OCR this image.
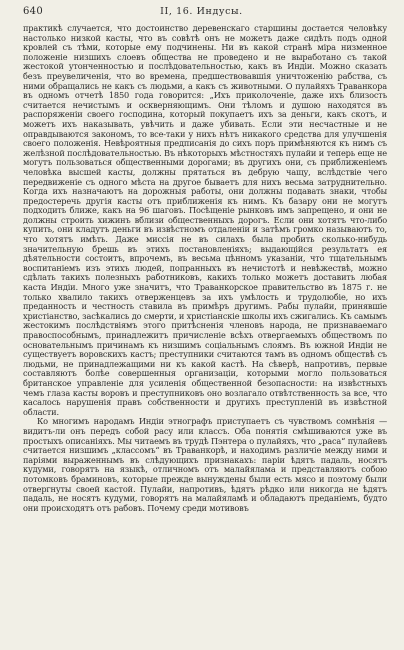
640	II, 16. Индусы.

практикѣ случается, что достоинство деревенскаго старшины достается человѣку настолько низкой касты, что въ совѣтѣ онъ не можетъ даже сидѣть подъ одной кровлей съ тѣми, которые ему подчинены. Ни въ какой странѣ міра низменное положеніе низшихъ слоевъ общества не проведено и не выработано съ такой жестокой утонченностью и послѣдовательностью, какъ въ Индіи. Можно сказать безъ преувеличенія, что во времена, предшествовавшія уничтоженію рабства, съ ними обращались не какъ съ людьми, а какъ съ животными. О пулайяхъ Траванкора въ одномъ отчетѣ 1850 года говорится: „Ихъ приколоченіе, даже ихъ близость считается нечистымъ и оскверняющимъ. Они тѣломъ и душою находятся въ распоряженіи своего господина, который покупаетъ ихъ за деньги, какъ скотъ, и можетъ ихъ наказывать, увѣчить и даже убивать. Если эти несчастные и не оправдываются закономъ, то все-таки у нихъ нѣтъ никакого средства для улучшенія своего положенія. Невѣроятныя предписанія до сихъ поръ примѣняются къ нимъ съ желѣзной послѣдовательностью. Въ нѣкоторыхъ мѣстностяхъ пулайи и теперь еще не могутъ пользоваться общественными дорогами; въ другихъ они, съ приближеніемъ человѣка высшей касты, должны прятаться въ дебрую чащу, вслѣдствіе чего передвиженіе съ одного мѣста на другое бываетъ для нихъ весьма затруднительно. Когда ихъ назначаютъ на дорожныя работы, они должны подавать знаки, чтобы предостеречь другія касты отъ приближенія къ нимъ. Къ базару они не могутъ подходить ближе, какъ на 96 шаговъ. Посѣщеніе рынковъ имъ запрещено, и они не должны строить хижинъ вблизи общественныхъ дорогъ. Если они хотятъ что-либо купить, они кладутъ деньги въ извѣстномъ отдаленіи и затѣмъ громко называютъ то, что хотятъ имѣть. Даже миссія не въ силахъ была пробить сколько-нибудь значительную брешь въ этихъ постановленіяхъ; выдающійся результатъ ея дѣятельности состоитъ, впрочемъ, въ весьма цѣнномъ указаніи, что тщательнымъ воспитаніемъ изъ этихъ людей, попранныхъ въ нечистотѣ и невѣжествѣ, можно сдѣлать такихъ полезныхъ работниковъ, какихъ только можетъ доставить любая каста Индіи. Много уже значитъ, что Траванкорское правительство въ 1875 г. не только хвалило такихъ отверженцевъ за ихъ умѣлость и трудолюбіе, но ихъ преданность и честность ставила въ примѣръ другимъ. Рабы пулайи, принявшіе христіанство, засѣкались до смерти, и христіанскіе школы ихъ сжигались. Къ самымъ жестокимъ послѣдствіямъ этого притѣсненія членовъ народа, не признаваемаго правоспособнымъ, принадлежитъ причисленіе всѣхъ отвергаемыхъ обществомъ по основательнымъ причинамъ къ низшимъ соціальнымъ слоямъ. Въ южной Индіи не существуетъ воровскихъ кастъ; преступники считаются тамъ въ одномъ обществѣ съ людьми, не принадлежащими ни къ какой кастѣ. На сѣверѣ, напротивъ, первые составляютъ болѣе совершенныя организаціи, которыми могло пользоваться британское управленіе для усиленія общественной безопасности: на извѣстныхъ чемъ глаза касты воровъ и преступниковъ оно возлагало отвѣтственность за все, что касалось нарушенія правъ собственности и другихъ преступленій въ извѣстной области.

Ко многимъ народамъ Индіи этнографъ приступаетъ съ чувствомъ сомнѣнія — видитъ-ли онъ передъ собой расу или классъ. Оба понятія смѣшиваются уже въ простыхъ описаніяхъ. Мы читаемъ въ трудѣ Пэнтера о пулайяхъ, что „раса“ пулайевъ считается низшимъ „классомъ“ въ Траванкорѣ, и находимъ различіе между ними и парiями выраженнымъ въ слѣдующихъ признакахъ: паріи ѣдятъ падаль, носятъ кудуми, говорятъ на языкѣ, отличномъ отъ малайялама и представляютъ собою потомковъ браминовъ, которые прежде вынуждены были есть мясо и поэтому были отвергнуты своей кастой. Пулайи, напротивъ, ѣдятъ рѣдко или никогда не ѣдятъ падаль, не носятъ кудуми, говорятъ на малайяламѣ и обладаютъ преданіемъ, будто они происходятъ отъ рабовъ. Почему среди мотивовъ
